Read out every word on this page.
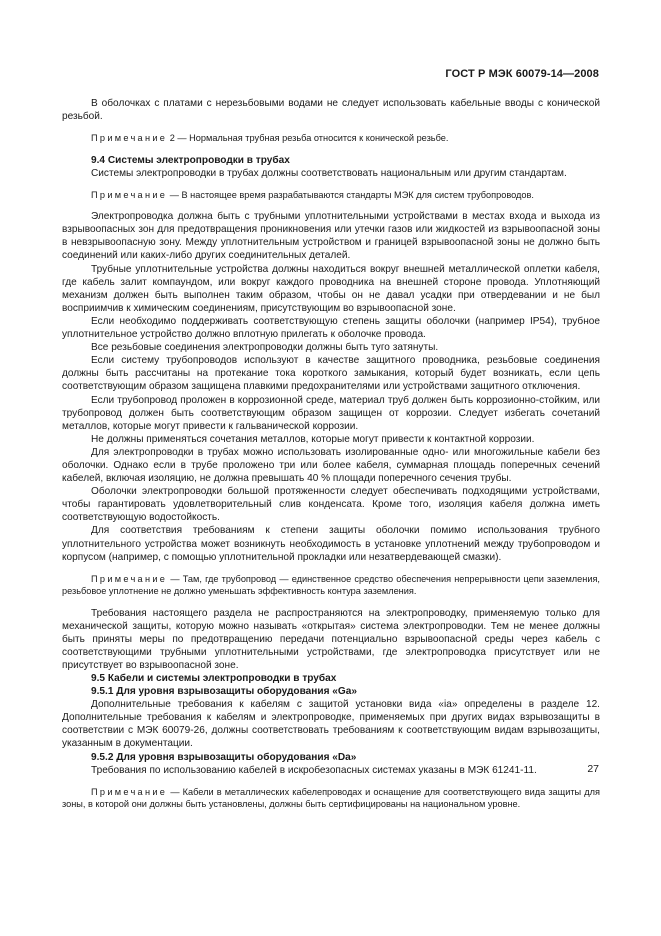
ГОСТ Р МЭК 60079-14—2008

В оболочках с платами с нерезьбовыми водами не следует использовать кабельные вводы с конической резьбой.

Примечание 2 — Нормальная трубная резьба относится к конической резьбе.

9.4 Системы электропроводки в трубах

Системы электропроводки в трубах должны соответствовать национальным или другим стандартам.

Примечание — В настоящее время разрабатываются стандарты МЭК для систем трубопроводов.

Электропроводка должна быть с трубными уплотнительными устройствами в местах входа и выхода из взрывоопасных зон для предотвращения проникновения или утечки газов или жидкостей из взрывоопасной зоны в невзрывоопасную зону. Между уплотнительным устройством и границей взрывоопасной зоны не должно быть соединений или каких-либо других соединительных деталей.

Трубные уплотнительные устройства должны находиться вокруг внешней металлической оплетки кабеля, где кабель залит компаундом, или вокруг каждого проводника на внешней стороне провода. Уплотняющий механизм должен быть выполнен таким образом, чтобы он не давал усадки при отвердевании и не был восприимчив к химическим соединениям, присутствующим во взрывоопасной зоне.

Если необходимо поддерживать соответствующую степень защиты оболочки (например IP54), трубное уплотнительное устройство должно вплотную прилегать к оболочке провода.

Все резьбовые соединения электропроводки должны быть туго затянуты.

Если систему трубопроводов используют в качестве защитного проводника, резьбовые соединения должны быть рассчитаны на протекание тока короткого замыкания, который будет возникать, если цепь соответствующим образом защищена плавкими предохранителями или устройствами защитного отключения.

Если трубопровод проложен в коррозионной среде, материал труб должен быть коррозионно-стойким, или трубопровод должен быть соответствующим образом защищен от коррозии. Следует избегать сочетаний металлов, которые могут привести к гальванической коррозии.

Не должны применяться сочетания металлов, которые могут привести к контактной коррозии.

Для электропроводки в трубах можно использовать изолированные одно- или многожильные кабели без оболочки. Однако если в трубе проложено три или более кабеля, суммарная площадь поперечных сечений кабелей, включая изоляцию, не должна превышать 40 % площади поперечного сечения трубы.

Оболочки электропроводки большой протяженности следует обеспечивать подходящими устройствами, чтобы гарантировать удовлетворительный слив конденсата. Кроме того, изоляция кабеля должна иметь соответствующую водостойкость.

Для соответствия требованиям к степени защиты оболочки помимо использования трубного уплотнительного устройства может возникнуть необходимость в установке уплотнений между трубопроводом и корпусом (например, с помощью уплотнительной прокладки или незатвердевающей смазки).

Примечание — Там, где трубопровод — единственное средство обеспечения непрерывности цепи заземления, резьбовое уплотнение не должно уменьшать эффективность контура заземления.

Требования настоящего раздела не распространяются на электропроводку, применяемую только для механической защиты, которую можно называть «открытая» система электропроводки. Тем не менее должны быть приняты меры по предотвращению передачи потенциально взрывоопасной среды через кабель с соответствующими трубными уплотнительными устройствами, где электропроводка присутствует или не присутствует во взрывоопасной зоне.

9.5 Кабели и системы электропроводки в трубах

9.5.1 Для уровня взрывозащиты оборудования «Ga»

Дополнительные требования к кабелям с защитой установки вида «ia» определены в разделе 12. Дополнительные требования к кабелям и электропроводке, применяемых при других видах взрывозащиты в соответствии с МЭК 60079-26, должны соответствовать требованиям к соответствующим видам взрывозащиты, указанным в документации.

9.5.2 Для уровня взрывозащиты оборудования «Da»

Требования по использованию кабелей в искробезопасных системах указаны в МЭК 61241-11.

Примечание — Кабели в металлических кабелепроводах и оснащение для соответствующего вида защиты для зоны, в которой они должны быть установлены, должны быть сертифицированы на национальном уровне.

27
